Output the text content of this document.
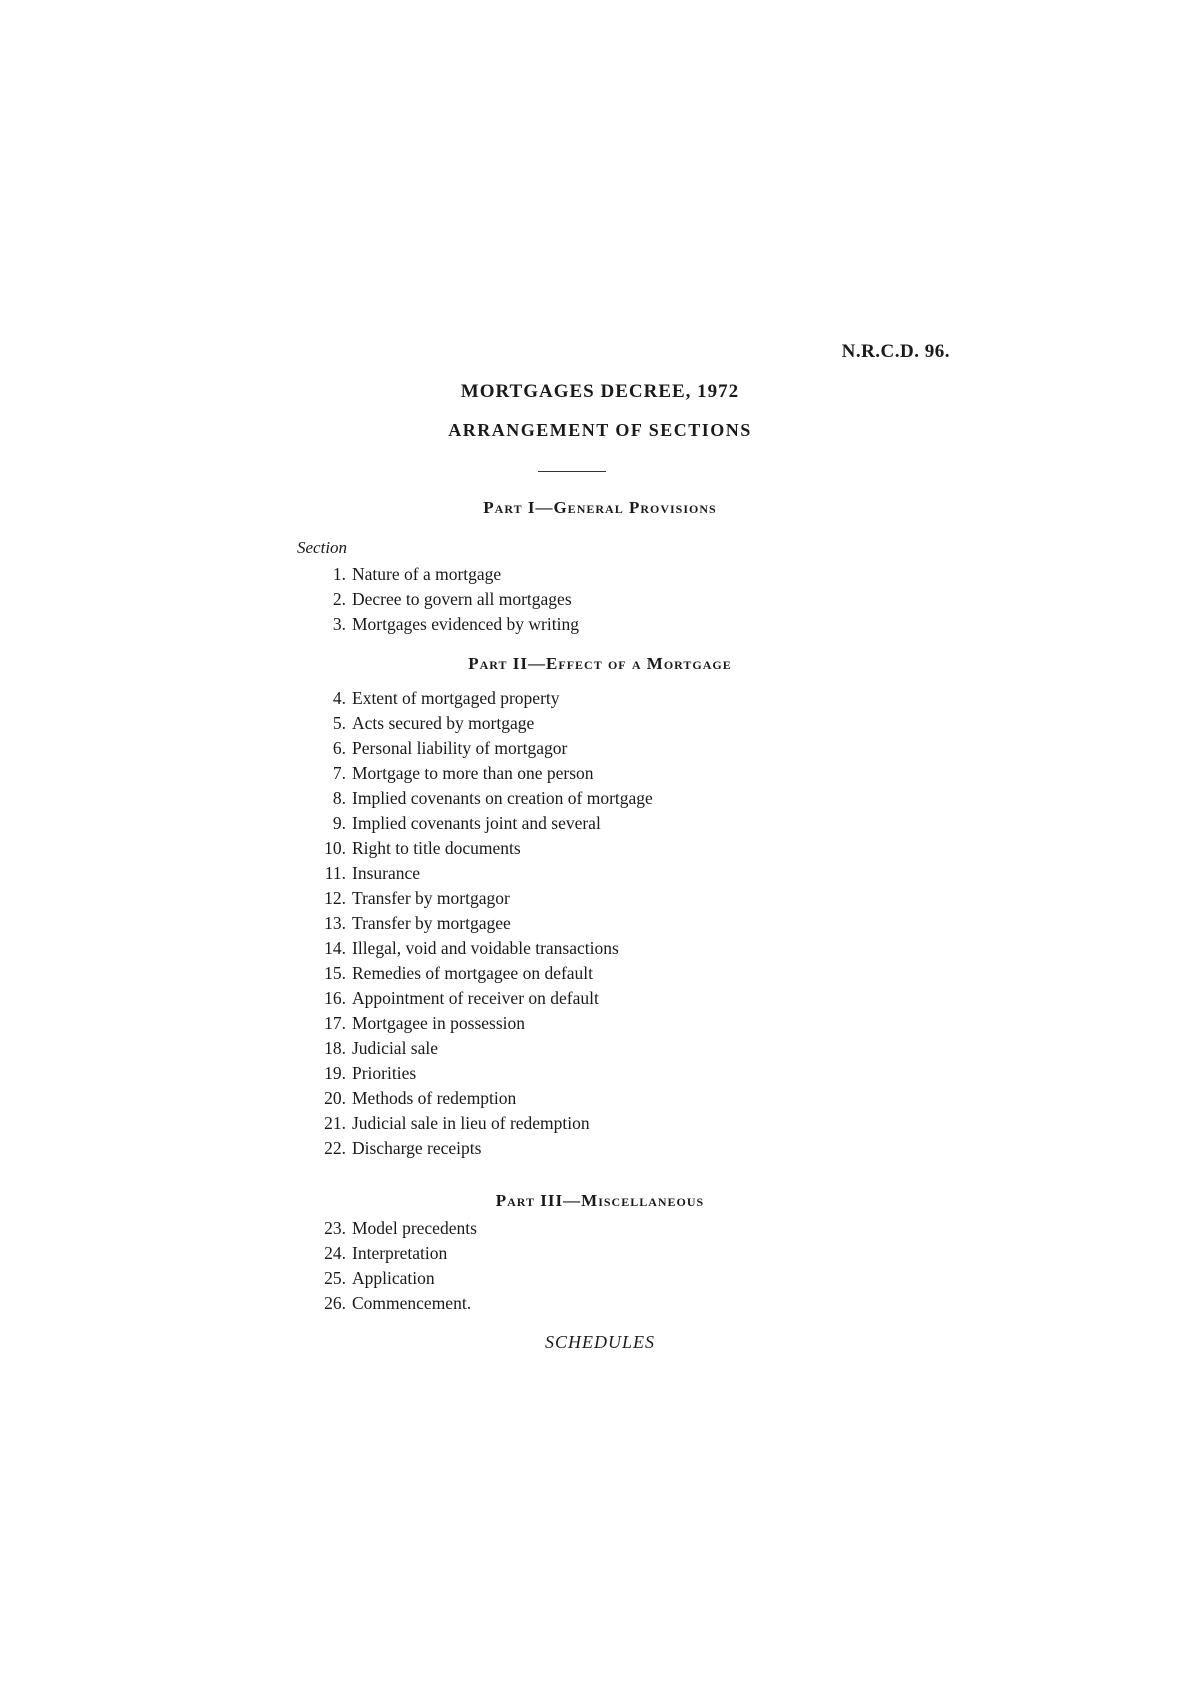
N.R.C.D. 96.
MORTGAGES DECREE, 1972
ARRANGEMENT OF SECTIONS
Part I—General Provisions
Section
1. Nature of a mortgage
2. Decree to govern all mortgages
3. Mortgages evidenced by writing
Part II—Effect of a Mortgage
4. Extent of mortgaged property
5. Acts secured by mortgage
6. Personal liability of mortgagor
7. Mortgage to more than one person
8. Implied covenants on creation of mortgage
9. Implied covenants joint and several
10. Right to title documents
11. Insurance
12. Transfer by mortgagor
13. Transfer by mortgagee
14. Illegal, void and voidable transactions
15. Remedies of mortgagee on default
16. Appointment of receiver on default
17. Mortgagee in possession
18. Judicial sale
19. Priorities
20. Methods of redemption
21. Judicial sale in lieu of redemption
22. Discharge receipts
Part III—Miscellaneous
23. Model precedents
24. Interpretation
25. Application
26. Commencement.
SCHEDULES
